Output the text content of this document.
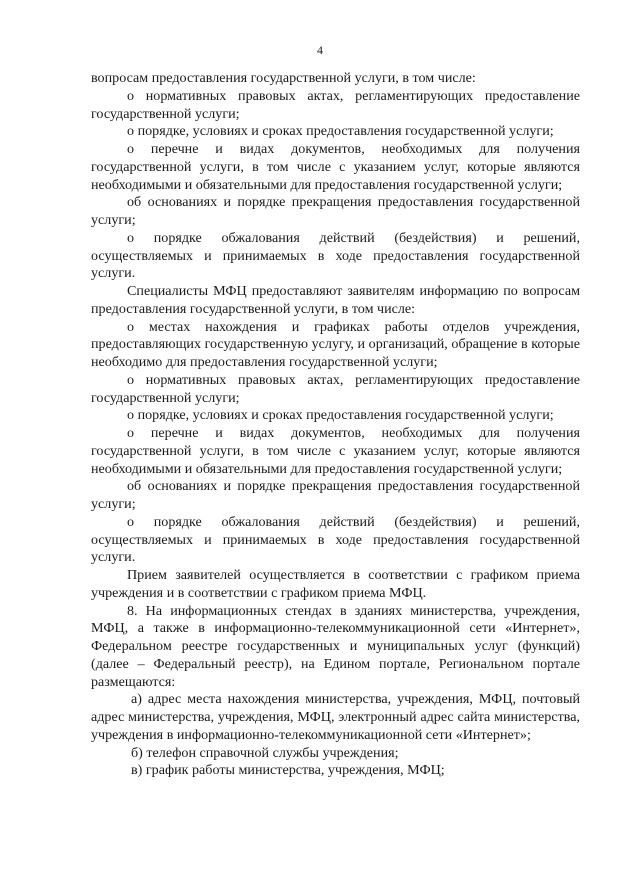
4

вопросам предоставления государственной услуги, в том числе:

о нормативных правовых актах, регламентирующих предоставление государственной услуги;

о порядке, условиях и сроках предоставления государственной услуги;

о перечне и видах документов, необходимых для получения государственной услуги, в том числе с указанием услуг, которые являются необходимыми и обязательными для предоставления государственной услуги;

об основаниях и порядке прекращения предоставления государственной услуги;

о порядке обжалования действий (бездействия) и решений, осуществляемых и принимаемых в ходе предоставления государственной услуги.

Специалисты МФЦ предоставляют заявителям информацию по вопросам предоставления государственной услуги, в том числе:

о местах нахождения и графиках работы отделов учреждения, предоставляющих государственную услугу, и организаций, обращение в которые необходимо для предоставления государственной услуги;

о нормативных правовых актах, регламентирующих предоставление государственной услуги;

о порядке, условиях и сроках предоставления государственной услуги;

о перечне и видах документов, необходимых для получения государственной услуги, в том числе с указанием услуг, которые являются необходимыми и обязательными для предоставления государственной услуги;

об основаниях и порядке прекращения предоставления государственной услуги;

о порядке обжалования действий (бездействия) и решений, осуществляемых и принимаемых в ходе предоставления государственной услуги.

Прием заявителей осуществляется в соответствии с графиком приема учреждения и в соответствии с графиком приема МФЦ.

8. На информационных стендах в зданиях министерства, учреждения, МФЦ, а также в информационно-телекоммуникационной сети «Интернет», Федеральном реестре государственных и муниципальных услуг (функций) (далее – Федеральный реестр), на Едином портале, Региональном портале размещаются:

а) адрес места нахождения министерства, учреждения, МФЦ, почтовый адрес министерства, учреждения, МФЦ, электронный адрес сайта министерства, учреждения в информационно-телекоммуникационной сети «Интернет»;

б) телефон справочной службы учреждения;

в) график работы министерства, учреждения, МФЦ;
